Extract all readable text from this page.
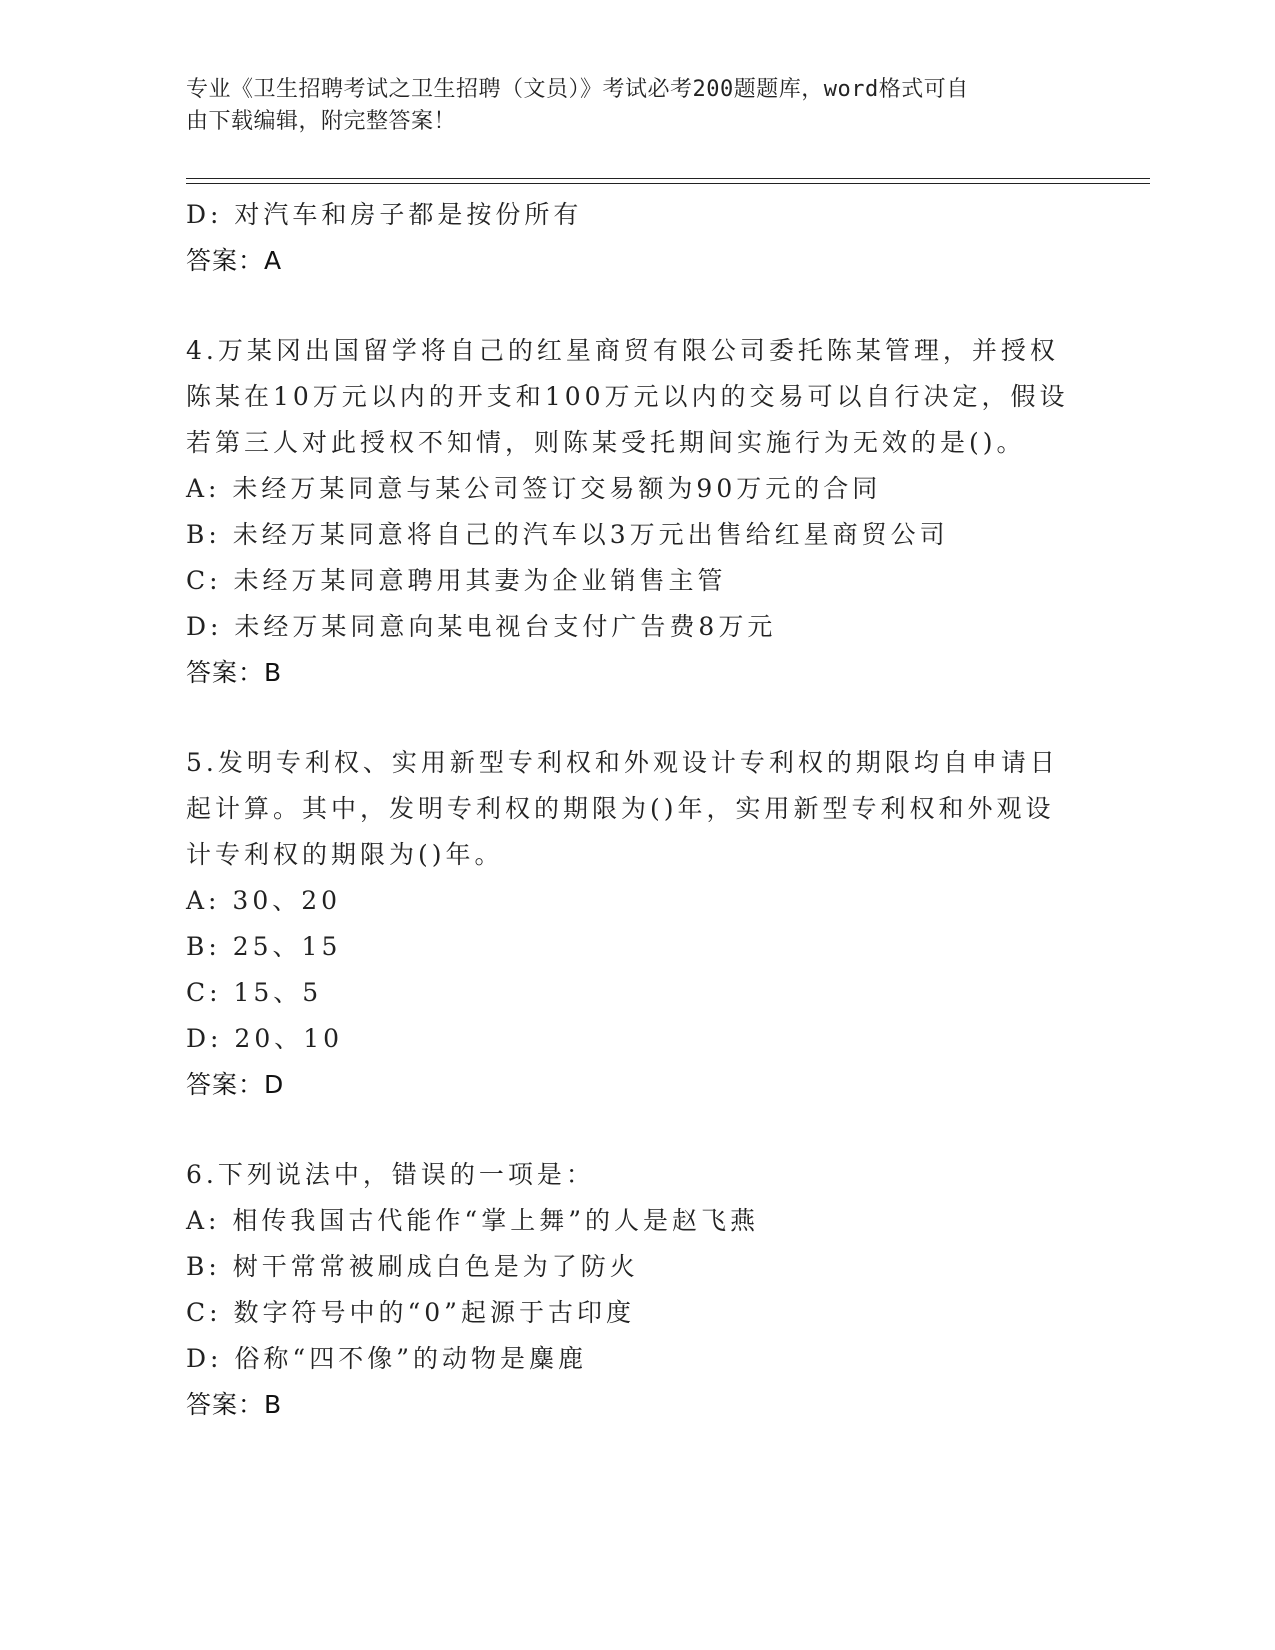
专业《卫生招聘考试之卫生招聘（文员）》考试必考200题题库，word格式可自
由下载编辑，附完整答案！
D: 对汽车和房子都是按份所有
答案：A
4.万某冈出国留学将自己的红星商贸有限公司委托陈某管理，并授权
陈某在10万元以内的开支和100万元以内的交易可以自行决定，假设
若第三人对此授权不知情，则陈某受托期间实施行为无效的是()。
A: 未经万某同意与某公司签订交易额为90万元的合同
B: 未经万某同意将自己的汽车以3万元出售给红星商贸公司
C: 未经万某同意聘用其妻为企业销售主管
D: 未经万某同意向某电视台支付广告费8万元
答案：B
5.发明专利权、实用新型专利权和外观设计专利权的期限均自申请日
起计算。其中，发明专利权的期限为()年，实用新型专利权和外观设
计专利权的期限为()年。
A: 30、20
B: 25、15
C: 15、5
D: 20、10
答案：D
6.下列说法中，错误的一项是：
A: 相传我国古代能作“掌上舞”的人是赵飞燕
B: 树干常常被刷成白色是为了防火
C: 数字符号中的“0”起源于古印度
D: 俗称“四不像”的动物是麋鹿
答案：B
